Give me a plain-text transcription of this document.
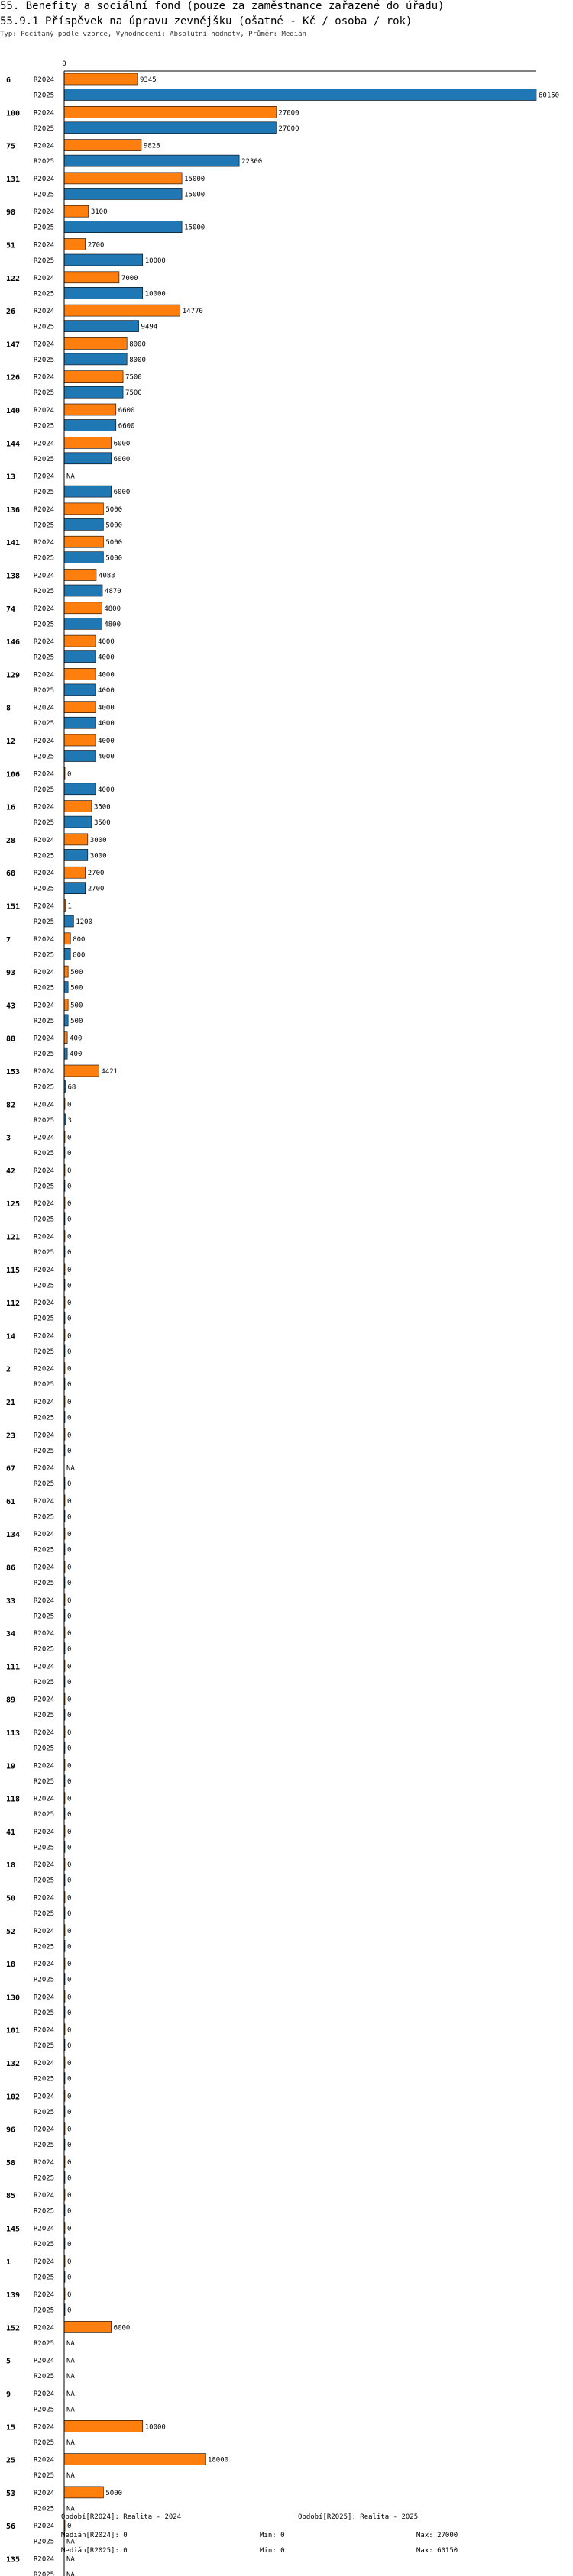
0
6	R2024	9345
R2025	60150
100 R2024	27000
R2025	27000
75	R2024	9828
R2025	22300
131 R2024	15000
R2025	15000
98	R2024	3100
R2025	15000
51	R2024	2700
R2025	10000
122 R2024	7000
R2025	10000
26	R2024	14770
R2025	9494
147 R2024	8000
R2025	8000
126 R2024	7500
R2025	7500
140 R2024	6600
R2025	6600
144 R2024	6000
R2025	6000
13	R2024 NA
R2025	6000
136 R2024	5000
R2025	5000
141 R2024	5000
R2025	5000
138 R2024	4083
R2025	4870
74	R2024	4800
R2025	4800
146 R2024	4000
R2025	4000
129 R2024	4000
R2025	4000
8	R2024	4000
R2025	4000
12	R2024	4000
R2025	4000
106 R2024 0
R2025	4000
16	R2024	3500
R2025	3500
28	R2024	3000
R2025	3000
68	R2024	2700
R2025	2700
151 R2024 1
R2025	1200
7	R2024	800
R2025	800
93	R2024 500
R2025 500
43	R2024 500
R2025 500
88	R2024 400
R2025 400
153 R2024	4421
R2025 68
82	R2024 0
R2025 3
3	R2024 0
R2025 0
42	R2024 0
R2025 0
125 R2024 0
R2025 0
121 R2024 0
R2025 0
115 R2024 0
R2025 0
112 R2024 0
R2025 0
14	R2024 0
R2025 0
2	R2024 0
R2025 0
21	R2024 0
R2025 0
23	R2024 0
R2025 0
67	R2024 NA
R2025 0
61	R2024 0
R2025 0
134 R2024 0
R2025 0
86	R2024 0
R2025 0
33	R2024 0
R2025 0
34	R2024 0
R2025 0
111 R2024 0
R2025 0
89	R2024 0
R2025 0
113 R2024 0
R2025 0
19	R2024 0
R2025 0
118 R2024 0
R2025 0
41	R2024 0
R2025 0
18	R2024 0
R2025 0
50	R2024 0
R2025 0
52	R2024 0
R2025 0
18	R2024 0
R2025 0
130 R2024 0
R2025 0
101 R2024 0
R2025 0
132 R2024 0
R2025 0
102 R2024 0
R2025 0
96	R2024 0
R2025 0
58	R2024 0
R2025 0
85	R2024 0
R2025 0
145 R2024 0
R2025 0
1	R2024 0
R2025 0
139 R2024 0
R2025 0
152 R2024	6000
R2025 NA
5	R2024 NA
R2025 NA
9	R2024 NA
R2025 NA
15	R2024	10000
R2025 NA
25	R2024	18000
R2025 NA
53	R2024	5000
R2025 NA
56	R2024 0
R2025 NA
135 R2024 NA
R2025 NA
55. Benefity a sociální fond (pouze za zaměstnance zařazené do úřadu)
55.9.1 Příspěvek na úpravu zevnějšku (ošatné - Kč / osoba / rok)
Typ: Počítaný podle vzorce, Vyhodnocení: Absolutní hodnoty, Průměr: Medián
Období[R2024]: Realita - 2024	Období[R2025]: Realita - 2025
Medián[R2024]: 0	Min: 0	Max: 27000
Medián[R2025]: 0	Min: 0	Max: 60150
